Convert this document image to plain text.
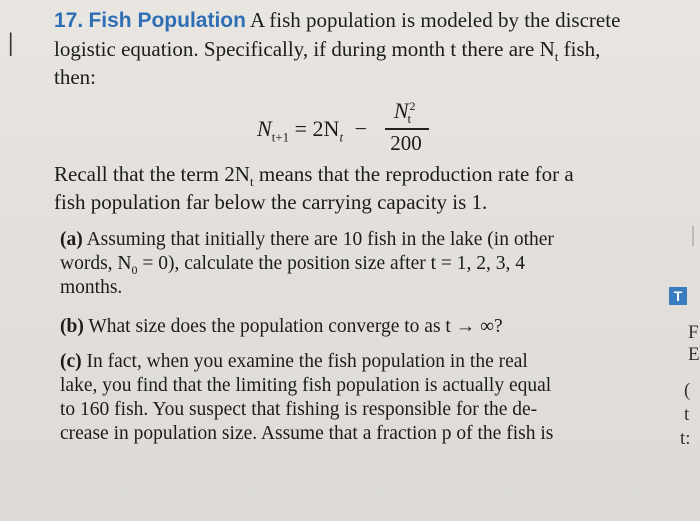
I
17. Fish Population A fish population is modeled by the discrete
logistic equation. Specifically, if during month t there are $N_t$ fish,
then:
$N_{t+1} = 2N_t$ −
$N^2_t$
200
Recall that the term $2N_t$ means that the reproduction rate for a
fish population far below the carrying capacity is 1.
(a) Assuming that initially there are 10 fish in the lake (in other
words, $N_0 = 0$), calculate the position size after t = 1, 2, 3, 4
months.
(b) What size does the population converge to as t → ∞?
(c) In fact, when you examine the fish population in the real
lake, you find that the limiting fish population is actually equal
to 160 fish. You suspect that fishing is responsible for the de-
crease in population size. Assume that a fraction p of the fish is
T
F
E
(
t
t:
